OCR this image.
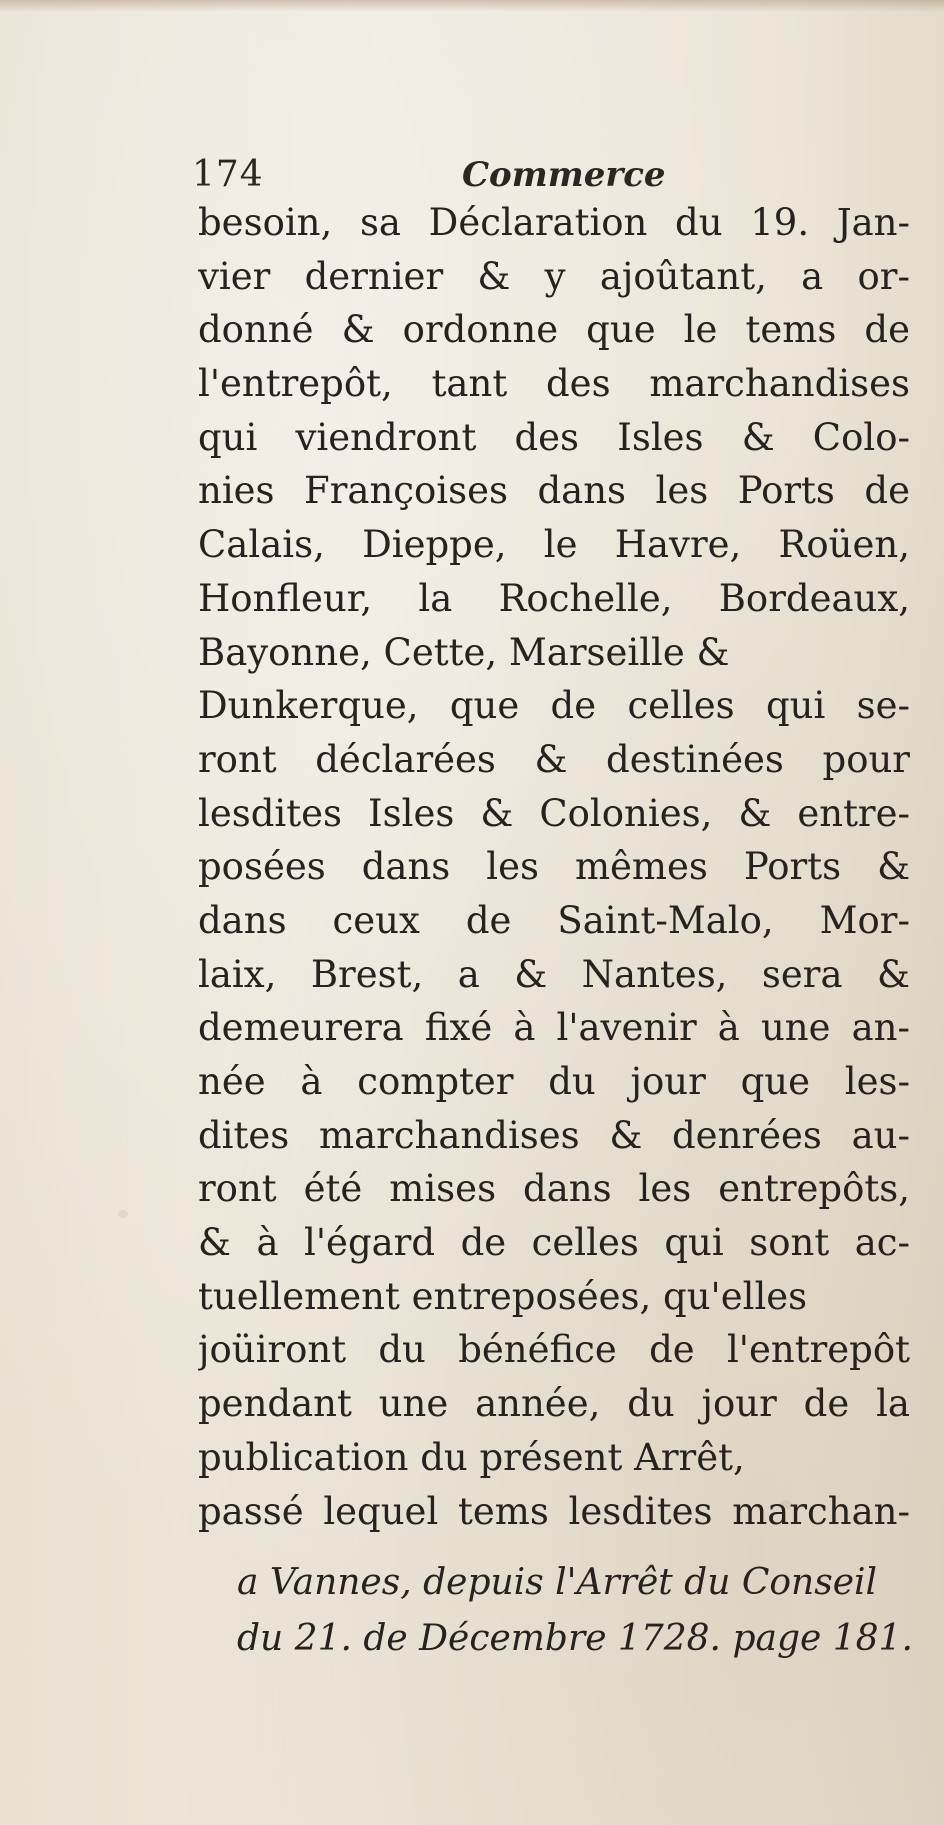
174	Commerce
besoin, sa Déclaration du 19. Jan-
vier dernier & y ajoûtant, a or-
donné & ordonne que le tems de
l'entrepôt, tant des marchandises
qui viendront des Isles & Colo-
nies Françoises dans les Ports de
Calais, Dieppe, le Havre, Roüen,
Honfleur, la Rochelle, Bordeaux,
Bayonne, Cette, Marseille &
Dunkerque, que de celles qui se-
ront déclarées & destinées pour
lesdites Isles & Colonies, & entre-
posées dans les mêmes Ports &
dans ceux de Saint-Malo, Mor-
laix, Brest, a & Nantes, sera &
demeurera fixé à l'avenir à une an-
née à compter du jour que les-
dites marchandises & denrées au-
ront été mises dans les entrepôts,
& à l'égard de celles qui sont ac-
tuellement entreposées, qu'elles
joüiront du bénéfice de l'entrepôt
pendant une année, du jour de la
publication du présent Arrêt,
passé lequel tems lesdites marchan-
a Vannes, depuis l'Arrêt du Conseil
du 21. de Décembre 1728. page 181.
